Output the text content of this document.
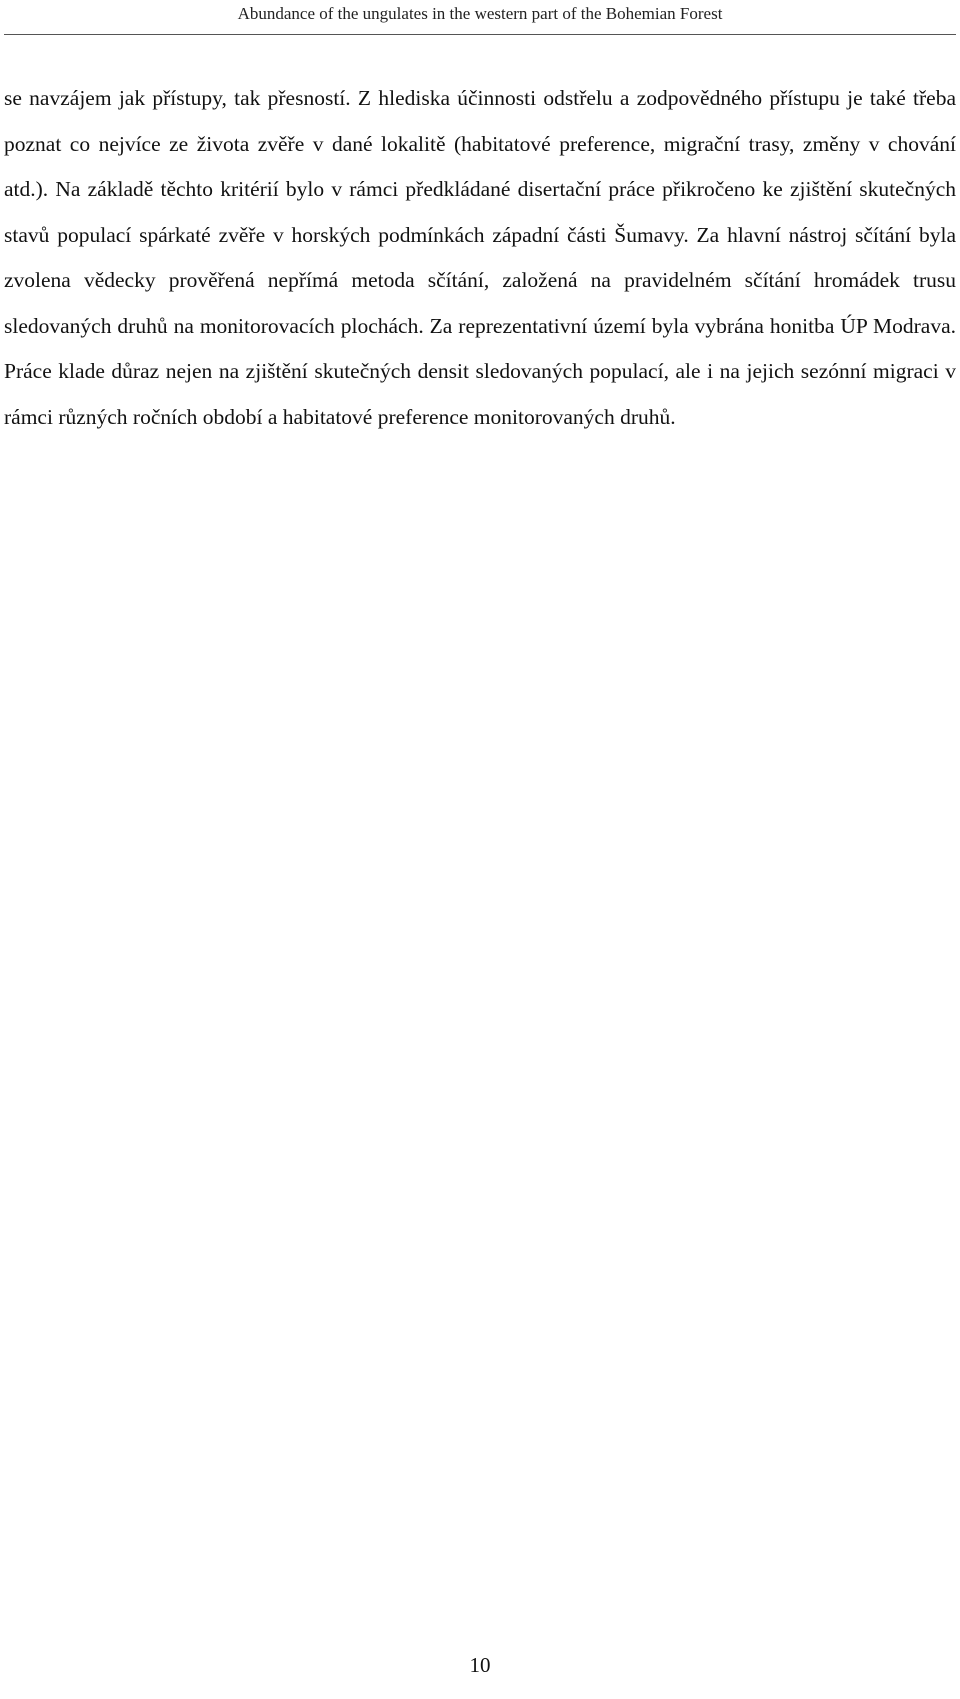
Abundance of the ungulates in the western part of the Bohemian Forest

se navzájem jak přístupy, tak přesností. Z hlediska účinnosti odstřelu a zodpovědného přístupu je také třeba poznat co nejvíce ze života zvěře v dané lokalitě (habitatové preference, migrační trasy, změny v chování atd.). Na základě těchto kritérií bylo v rámci předkládané disertační práce přikročeno ke zjištění skutečných stavů populací spárkaté zvěře v horských podmínkách západní části Šumavy. Za hlavní nástroj sčítání byla zvolena vědecky prověřená nepřímá metoda sčítání, založená na pravidelném sčítání hromádek trusu sledovaných druhů na monitorovacích plochách. Za reprezentativní území byla vybrána honitba ÚP Modrava. Práce klade důraz nejen na zjištění skutečných densit sledovaných populací, ale i na jejich sezónní migraci v rámci různých ročních období a habitatové preference monitorovaných druhů.

10
